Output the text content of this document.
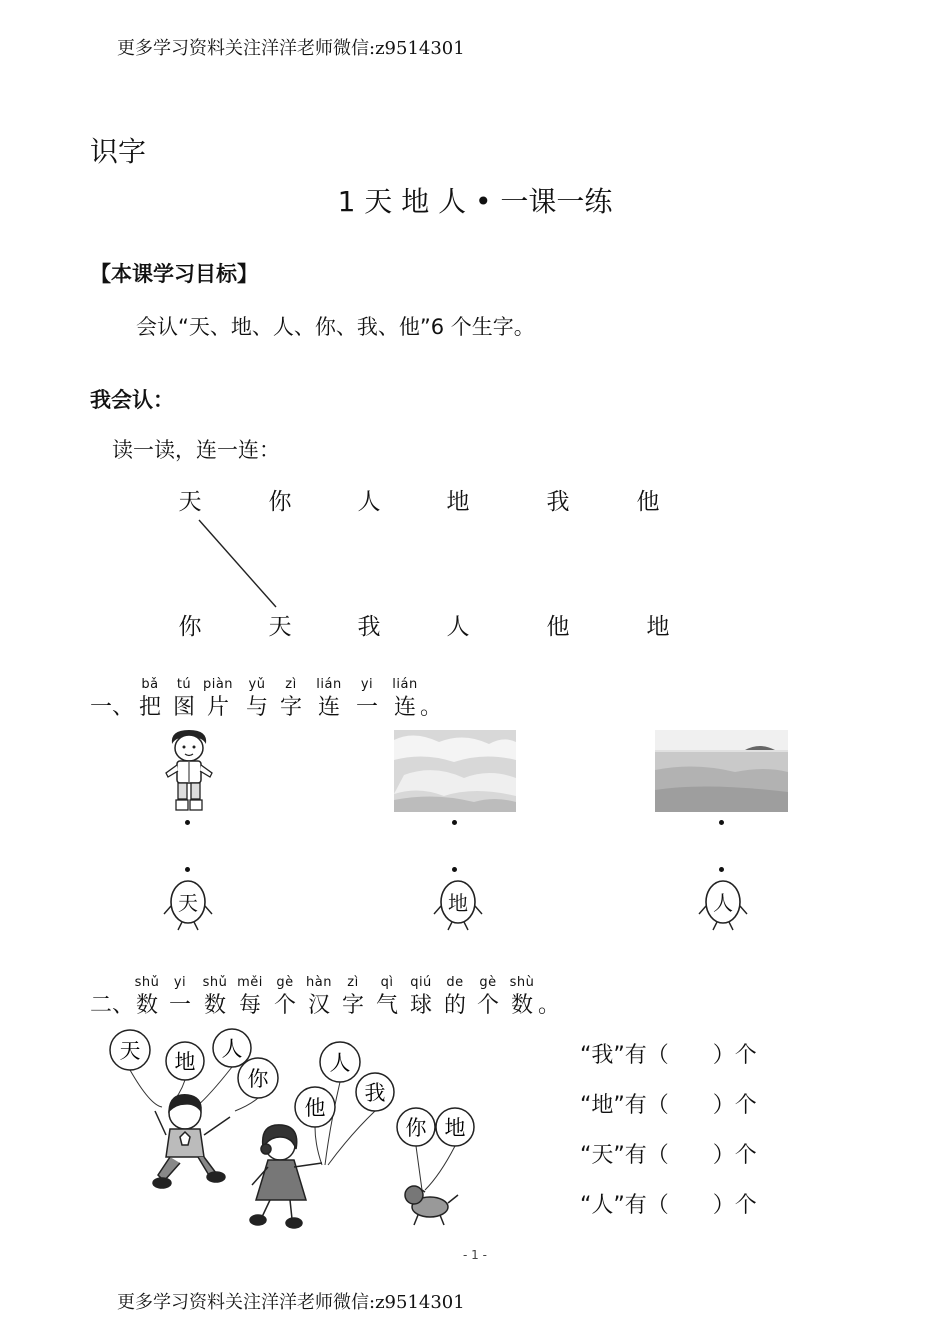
更多学习资料关注洋洋老师微信:z9514301
识字
1 天 地 人 • 一课一练
【本课学习目标】
会认“天、地、人、你、我、他”6 个生字。
我会认：
读一读，连一连：
天	你	人	地	我	他
你	天	我	人	他	地
一、
bǎ
把
tú
图
piàn
片
yǔ
与
zì
字
lián
连
yi
一
lián
连 。
天	地	人
二、
shǔ
数
yi
一
shǔ
数
měi
每
gè
个
hàn
汉
zì
字
qì
气
qiú
球
de
的
gè
个
shù
数 。
天 地
人
你
人
他
我
你 地
“我”有（　　）个
“地”有（　　）个
“天”有（　　）个
“人”有（　　）个
- 1 -
更多学习资料关注洋洋老师微信:z9514301
